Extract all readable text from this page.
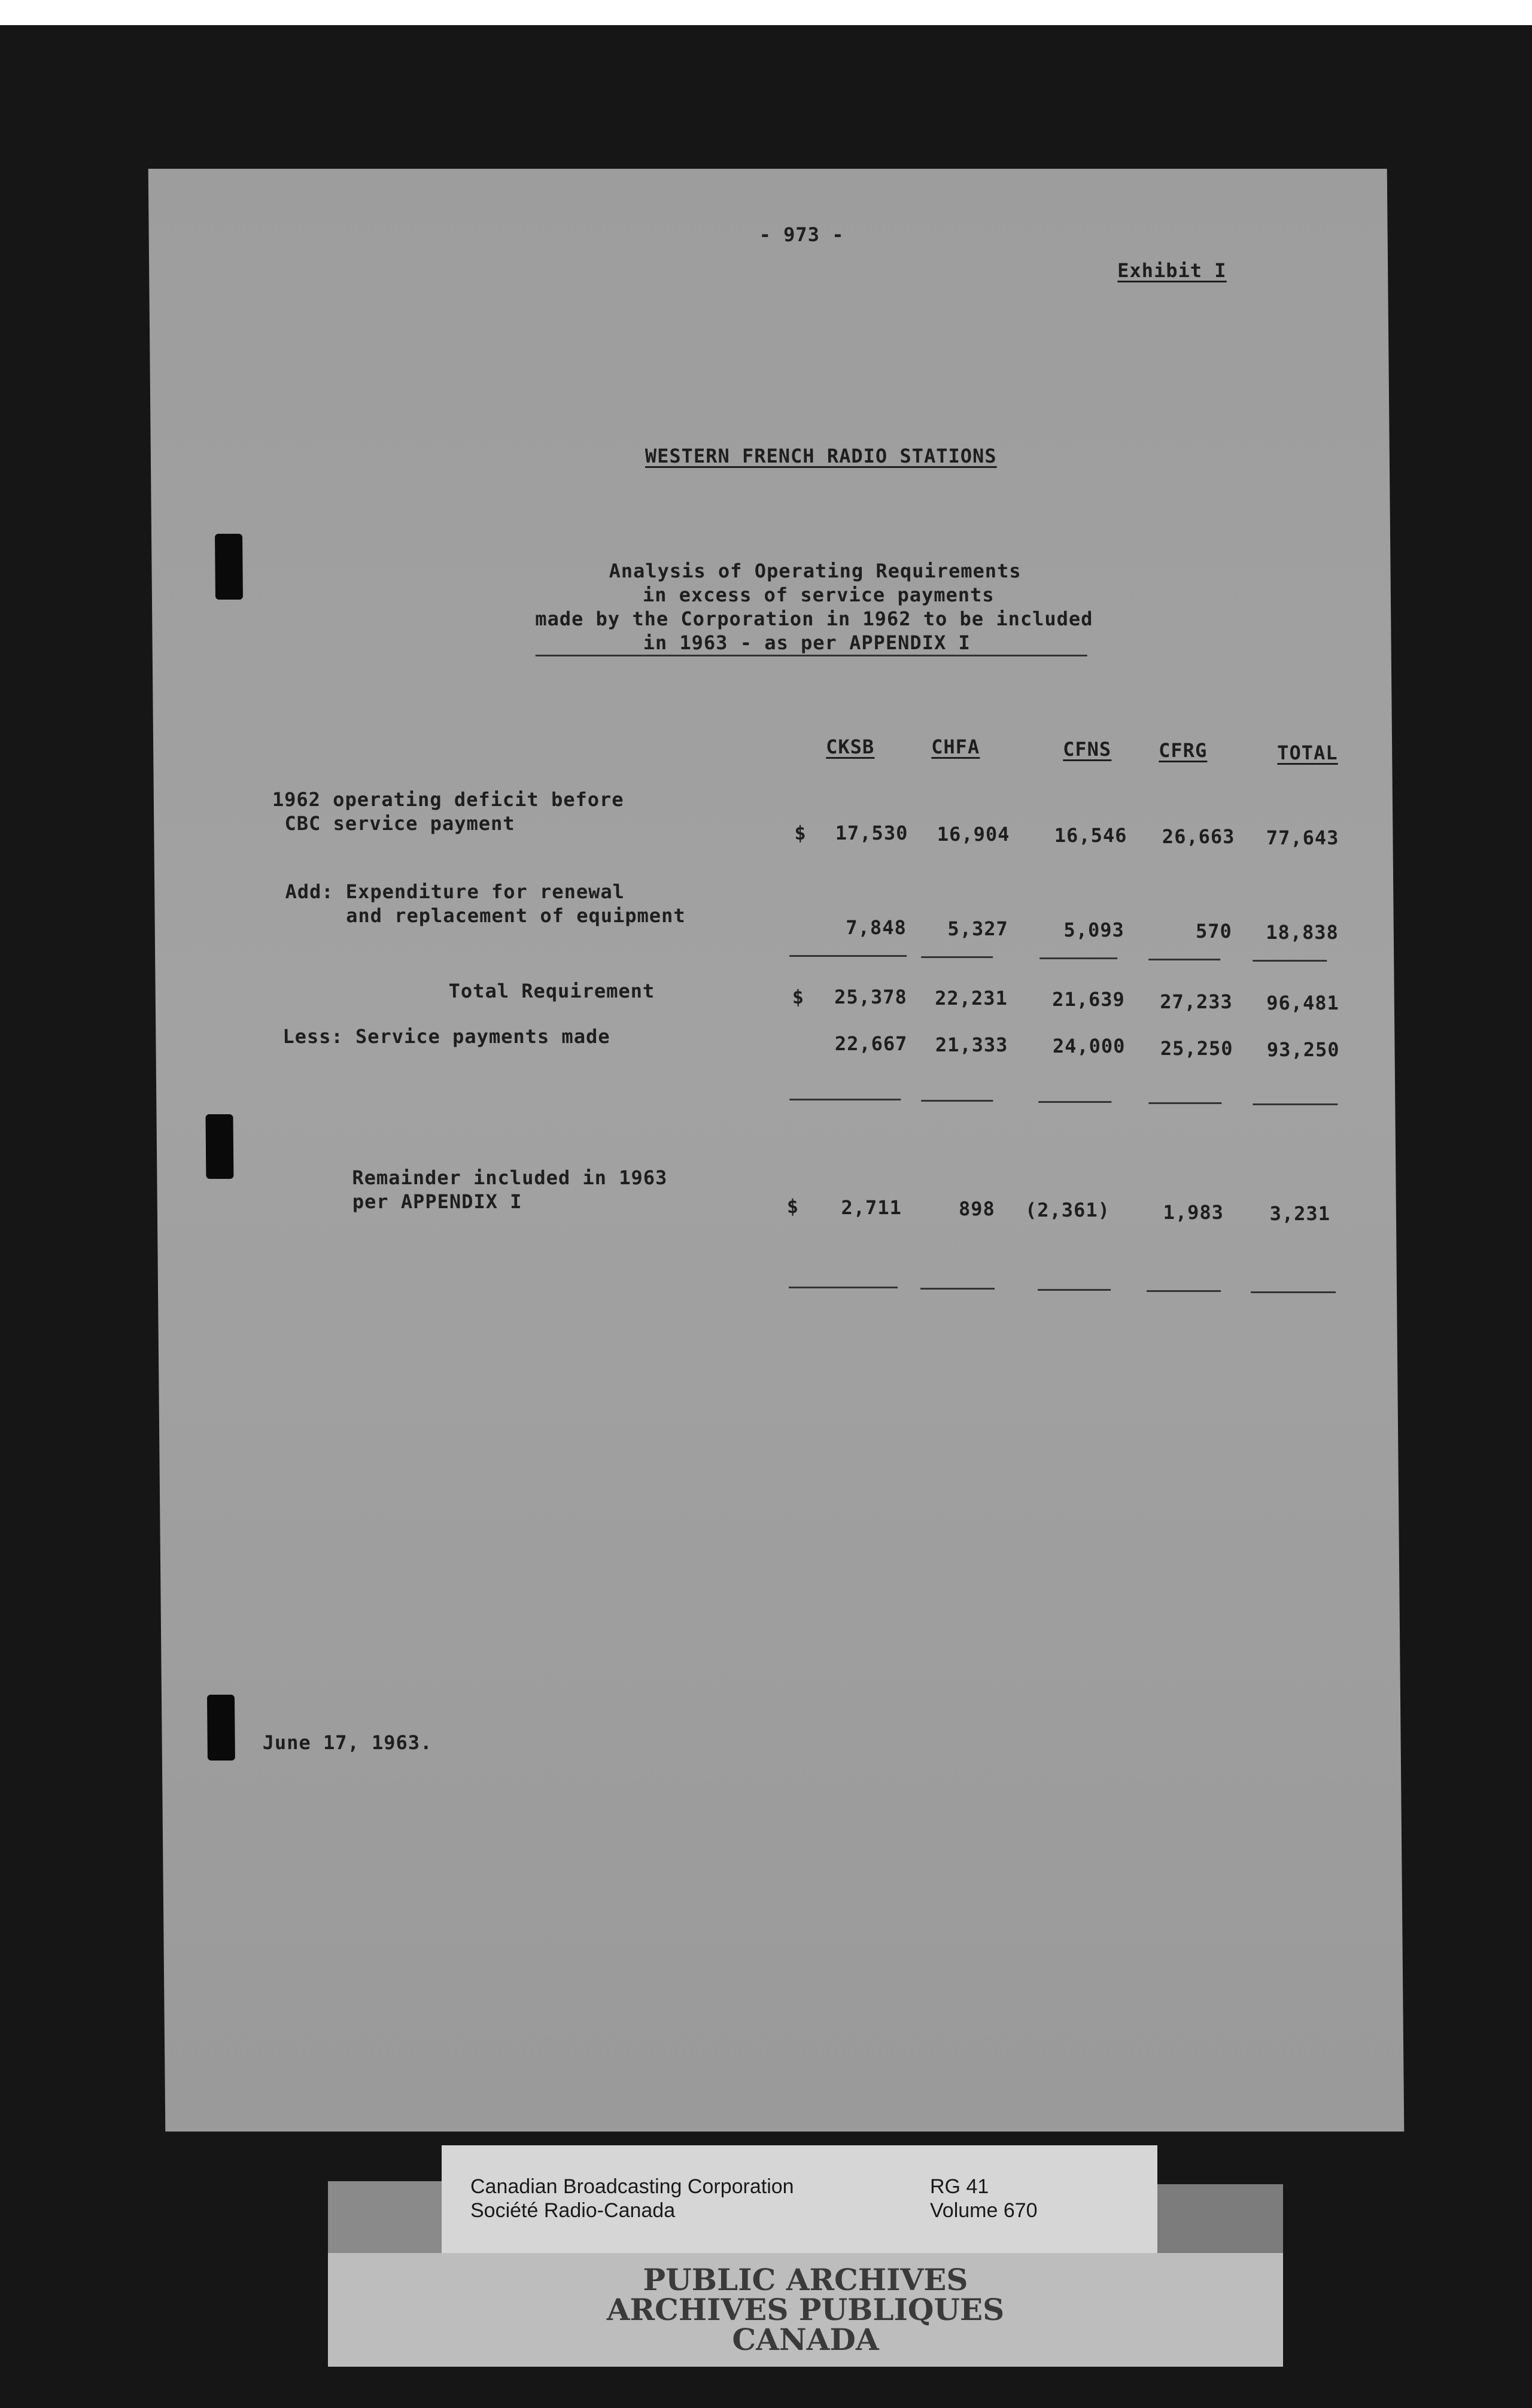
- 973 -
Exhibit I
WESTERN FRENCH RADIO STATIONS
Analysis of Operating Requirements
in excess of service payments
made by the Corporation in 1962 to be included
in 1963 - as per APPENDIX I
CKSB	CHFA	CFNS CFRG	TOTAL
1962 operating deficit before
CBC service payment	$	17,530	16,904	16,546	26,663	77,643
Add: Expenditure for renewal
and replacement of equipment
7,848	5,327	5,093	570	18,838
Total Requirement	$	25,378	22,231	21,639	27,233	96,481
Less: Service payments made	22,667	21,333	24,000	25,250	93,250
Remainder included in 1963
per APPENDIX I	$	2,711	898	(2,361)	1,983	3,231
June 17, 1963.
Canadian Broadcasting Corporation
Société Radio-Canada
RG 41
Volume 670
PUBLIC ARCHIVES
ARCHIVES PUBLIQUES
CANADA
